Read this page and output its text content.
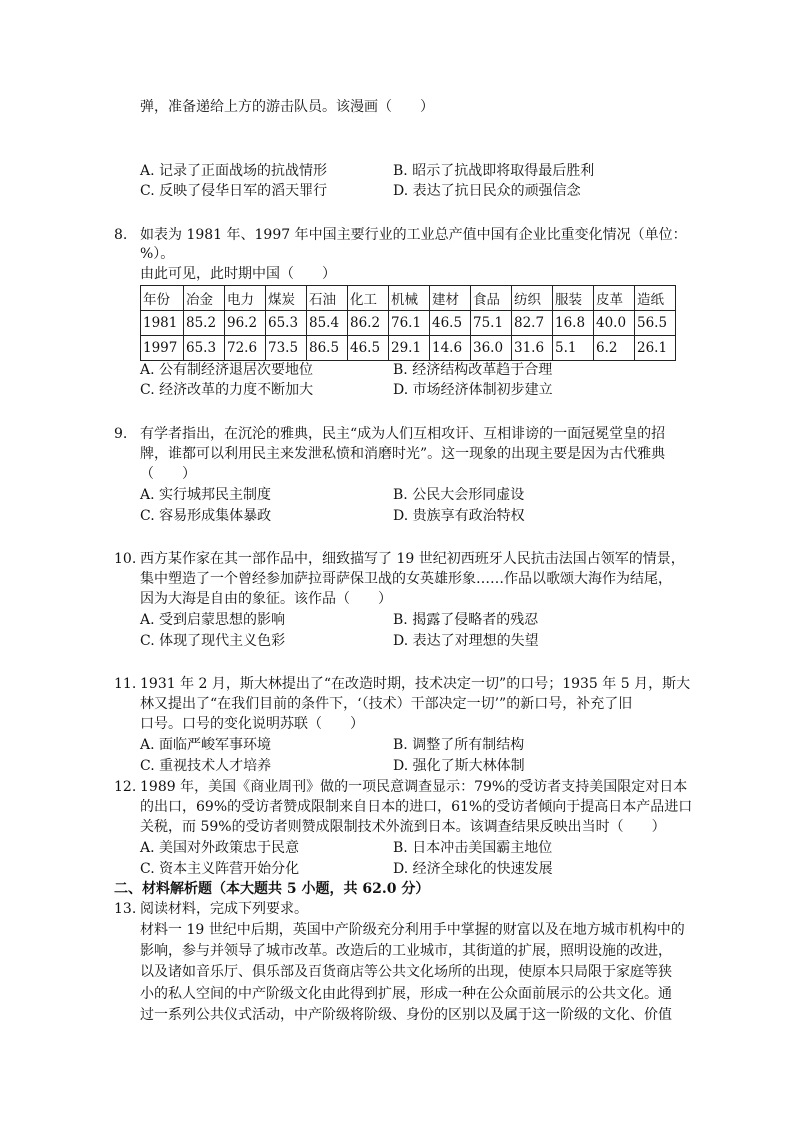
弹，准备递给上方的游击队员。该漫画（　　）
A. 记录了正面战场的抗战情形	B. 昭示了抗战即将取得最后胜利
C. 反映了侵华日军的滔天罪行	D. 表达了抗日民众的顽强信念
8. 如表为 1981 年、1997 年中国主要行业的工业总产值中国有企业比重变化情况（单位：
%）。
由此可见，此时期中国（　　）
年份	冶金	电力	煤炭	石油	化工	机械	建材	食品	纺织	服装	皮革	造纸
1981	85.2	96.2	65.3	85.4	86.2	76.1	46.5	75.1	82.7	16.8	40.0	56.5
1997	65.3	72.6	73.5	86.5	46.5	29.1	14.6	36.0	31.6	5.1	6.2	26.1
A. 公有制经济退居次要地位	B. 经济结构改革趋于合理
C. 经济改革的力度不断加大	D. 市场经济体制初步建立
9. 有学者指出，在沉沦的雅典，民主“成为人们互相攻讦、互相诽谤的一面冠冕堂皇的招
牌，谁都可以利用民主来发泄私愤和消磨时光”。这一现象的出现主要是因为古代雅典
（　　）
A. 实行城邦民主制度	B. 公民大会形同虚设
C. 容易形成集体暴政	D. 贵族享有政治特权
10. 西方某作家在其一部作品中，细致描写了 19 世纪初西班牙人民抗击法国占领军的情景，
集中塑造了一个曾经参加萨拉哥萨保卫战的女英雄形象……作品以歌颂大海作为结尾，
因为大海是自由的象征。该作品（　　）
A. 受到启蒙思想的影响	B. 揭露了侵略者的残忍
C. 体现了现代主义色彩	D. 表达了对理想的失望
11. 1931 年 2 月，斯大林提出了“在改造时期，技术决定一切”的口号；1935 年 5 月，斯大
林又提出了“在我们目前的条件下，‘（技术）干部决定一切’”的新口号，补充了旧
口号。口号的变化说明苏联（　　）
A. 面临严峻军事环境	B. 调整了所有制结构
C. 重视技术人才培养	D. 强化了斯大林体制
12. 1989 年，美国《商业周刊》做的一项民意调查显示：79%的受访者支持美国限定对日本
的出口，69%的受访者赞成限制来自日本的进口，61%的受访者倾向于提高日本产品进口
关税，而 59%的受访者则赞成限制技术外流到日本。该调查结果反映出当时（　　）
A. 美国对外政策忠于民意	B. 日本冲击美国霸主地位
C. 资本主义阵营开始分化	D. 经济全球化的快速发展
二、材料解析题（本大题共 5 小题，共 62.0 分）
13. 阅读材料，完成下列要求。
材料一 19 世纪中后期，英国中产阶级充分利用手中掌握的财富以及在地方城市机构中的
影响，参与并领导了城市改革。改造后的工业城市，其街道的扩展，照明设施的改进，
以及诸如音乐厅、俱乐部及百货商店等公共文化场所的出现，使原本只局限于家庭等狭
小的私人空间的中产阶级文化由此得到扩展，形成一种在公众面前展示的公共文化。通
过一系列公共仪式活动，中产阶级将阶级、身份的区别以及属于这一阶级的文化、价值
